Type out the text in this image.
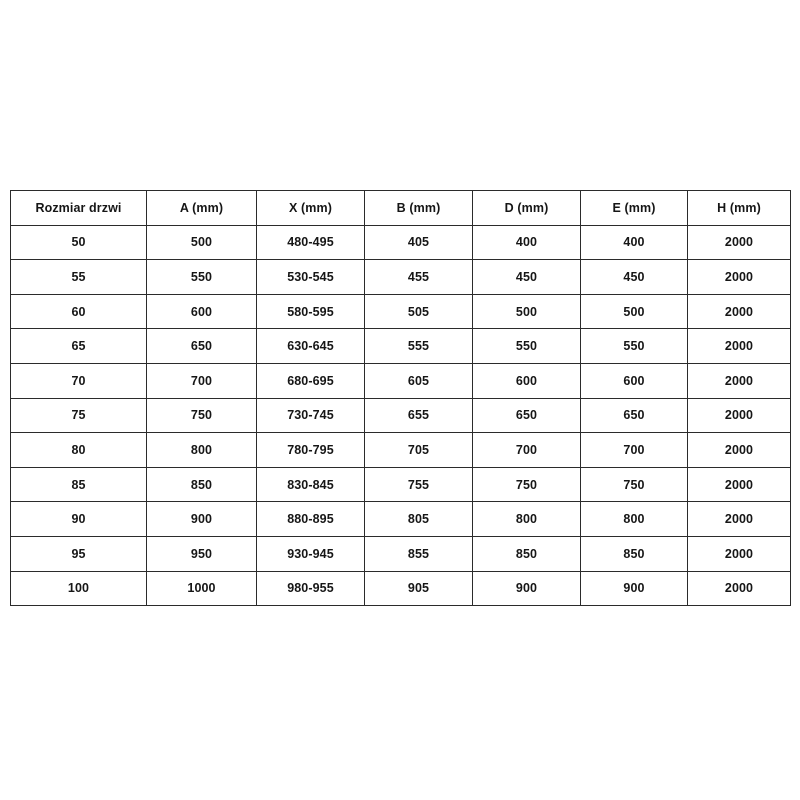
Rozmiar drzwi	A (mm)	X (mm)	B (mm)	D (mm)	E (mm)	H (mm)
50	500	480-495	405	400	400	2000
55	550	530-545	455	450	450	2000
60	600	580-595	505	500	500	2000
65	650	630-645	555	550	550	2000
70	700	680-695	605	600	600	2000
75	750	730-745	655	650	650	2000
80	800	780-795	705	700	700	2000
85	850	830-845	755	750	750	2000
90	900	880-895	805	800	800	2000
95	950	930-945	855	850	850	2000
100	1000	980-955	905	900	900	2000
